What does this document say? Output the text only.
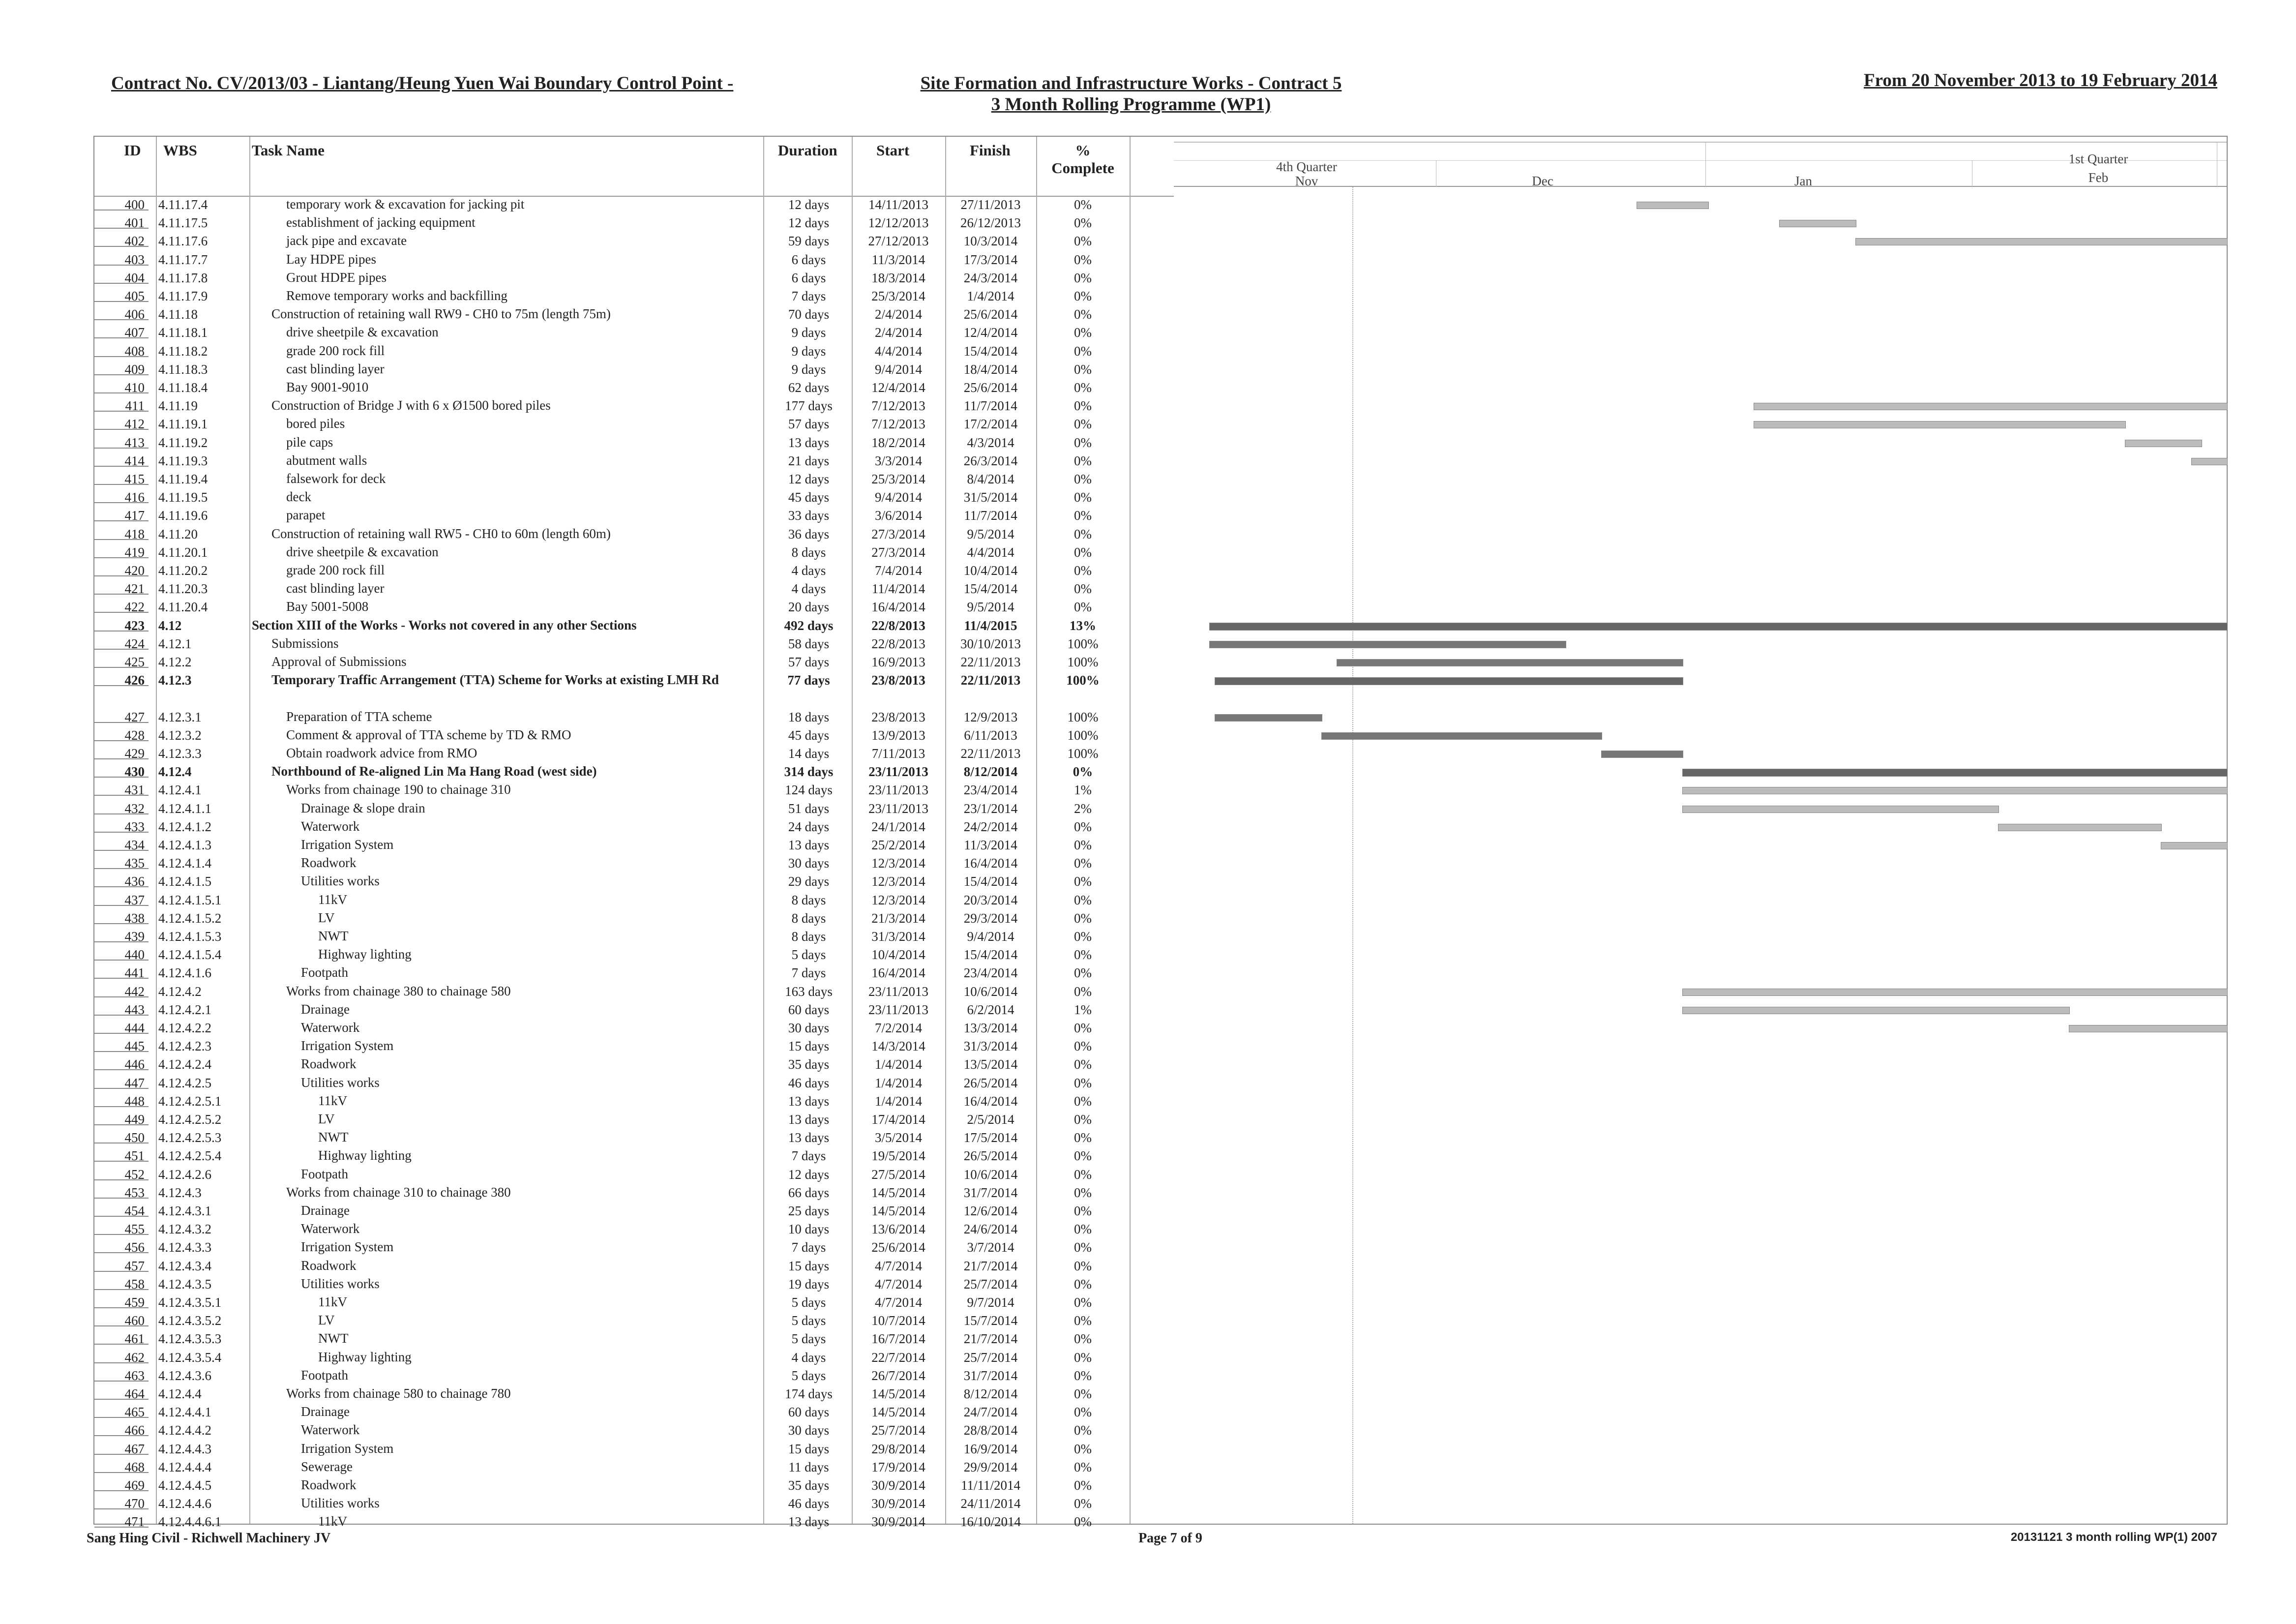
Contract No. CV/2013/03 - Liantang/Heung Yuen Wai Boundary Control Point -	Site Formation and Infrastructure Works - Contract 5
3 Month Rolling Programme (WP1)
From 20 November 2013 to 19 February 2014
ID WBS	Task Name	Duration	Start	Finish	%
Complete
400 4.11.17.4	temporary work & excavation for jacking pit	12 days	14/11/2013	27/11/2013	0%
401 4.11.17.5	establishment of jacking equipment	12 days	12/12/2013	26/12/2013	0%
402 4.11.17.6	jack pipe and excavate	59 days	27/12/2013	10/3/2014	0%
403 4.11.17.7	Lay HDPE pipes	6 days	11/3/2014	17/3/2014	0%
404 4.11.17.8	Grout HDPE pipes	6 days	18/3/2014	24/3/2014	0%
405 4.11.17.9	Remove temporary works and backfilling	7 days	25/3/2014	1/4/2014	0%
406 4.11.18	Construction of retaining wall RW9 - CH0 to 75m (length 75m)	70 days	2/4/2014	25/6/2014	0%
407 4.11.18.1	drive sheetpile & excavation	9 days	2/4/2014	12/4/2014	0%
408 4.11.18.2	grade 200 rock fill	9 days	4/4/2014	15/4/2014	0%
409 4.11.18.3	cast blinding layer	9 days	9/4/2014	18/4/2014	0%
410 4.11.18.4	Bay 9001-9010	62 days	12/4/2014	25/6/2014	0%
411 4.11.19	Construction of Bridge J with 6 x Ø1500 bored piles	177 days	7/12/2013	11/7/2014	0%
412 4.11.19.1	bored piles	57 days	7/12/2013	17/2/2014	0%
413 4.11.19.2	pile caps	13 days	18/2/2014	4/3/2014	0%
414 4.11.19.3	abutment walls	21 days	3/3/2014	26/3/2014	0%
415 4.11.19.4	falsework for deck	12 days	25/3/2014	8/4/2014	0%
416 4.11.19.5	deck	45 days	9/4/2014	31/5/2014	0%
417 4.11.19.6	parapet	33 days	3/6/2014	11/7/2014	0%
418 4.11.20	Construction of retaining wall RW5 - CH0 to 60m (length 60m)	36 days	27/3/2014	9/5/2014	0%
419 4.11.20.1	drive sheetpile & excavation	8 days	27/3/2014	4/4/2014	0%
420 4.11.20.2	grade 200 rock fill	4 days	7/4/2014	10/4/2014	0%
421 4.11.20.3	cast blinding layer	4 days	11/4/2014	15/4/2014	0%
422 4.11.20.4	Bay 5001-5008	20 days	16/4/2014	9/5/2014	0%
423 4.12	Section XIII of the Works - Works not covered in any other Sections	492 days	22/8/2013	11/4/2015	13%
424 4.12.1	Submissions	58 days	22/8/2013	30/10/2013	100%
425 4.12.2	Approval of Submissions	57 days	16/9/2013	22/11/2013	100%
426 4.12.3	Temporary Traffic Arrangement (TTA) Scheme for Works at existing LMH Rd	77 days	23/8/2013	22/11/2013	100%
427 4.12.3.1	Preparation of TTA scheme	18 days	23/8/2013	12/9/2013	100%
428 4.12.3.2	Comment & approval of TTA scheme by TD & RMO	45 days	13/9/2013	6/11/2013	100%
429 4.12.3.3	Obtain roadwork advice from RMO	14 days	7/11/2013	22/11/2013	100%
430 4.12.4	Northbound of Re-aligned Lin Ma Hang Road (west side)	314 days	23/11/2013	8/12/2014	0%
431 4.12.4.1	Works from chainage 190 to chainage 310	124 days	23/11/2013	23/4/2014	1%
432 4.12.4.1.1	Drainage & slope drain	51 days	23/11/2013	23/1/2014	2%
433 4.12.4.1.2	Waterwork	24 days	24/1/2014	24/2/2014	0%
434 4.12.4.1.3	Irrigation System	13 days	25/2/2014	11/3/2014	0%
435 4.12.4.1.4	Roadwork	30 days	12/3/2014	16/4/2014	0%
436 4.12.4.1.5	Utilities works	29 days	12/3/2014	15/4/2014	0%
437 4.12.4.1.5.1	11kV	8 days	12/3/2014	20/3/2014	0%
438 4.12.4.1.5.2	LV	8 days	21/3/2014	29/3/2014	0%
439 4.12.4.1.5.3	NWT	8 days	31/3/2014	9/4/2014	0%
440 4.12.4.1.5.4	Highway lighting	5 days	10/4/2014	15/4/2014	0%
441 4.12.4.1.6	Footpath	7 days	16/4/2014	23/4/2014	0%
442 4.12.4.2	Works from chainage 380 to chainage 580	163 days	23/11/2013	10/6/2014	0%
443 4.12.4.2.1	Drainage	60 days	23/11/2013	6/2/2014	1%
444 4.12.4.2.2	Waterwork	30 days	7/2/2014	13/3/2014	0%
445 4.12.4.2.3	Irrigation System	15 days	14/3/2014	31/3/2014	0%
446 4.12.4.2.4	Roadwork	35 days	1/4/2014	13/5/2014	0%
447 4.12.4.2.5	Utilities works	46 days	1/4/2014	26/5/2014	0%
448 4.12.4.2.5.1	11kV	13 days	1/4/2014	16/4/2014	0%
449 4.12.4.2.5.2	LV	13 days	17/4/2014	2/5/2014	0%
450 4.12.4.2.5.3	NWT	13 days	3/5/2014	17/5/2014	0%
451 4.12.4.2.5.4	Highway lighting	7 days	19/5/2014	26/5/2014	0%
452 4.12.4.2.6	Footpath	12 days	27/5/2014	10/6/2014	0%
453 4.12.4.3	Works from chainage 310 to chainage 380	66 days	14/5/2014	31/7/2014	0%
454 4.12.4.3.1	Drainage	25 days	14/5/2014	12/6/2014	0%
455 4.12.4.3.2	Waterwork	10 days	13/6/2014	24/6/2014	0%
456 4.12.4.3.3	Irrigation System	7 days	25/6/2014	3/7/2014	0%
457 4.12.4.3.4	Roadwork	15 days	4/7/2014	21/7/2014	0%
458 4.12.4.3.5	Utilities works	19 days	4/7/2014	25/7/2014	0%
459 4.12.4.3.5.1	11kV	5 days	4/7/2014	9/7/2014	0%
460 4.12.4.3.5.2	LV	5 days	10/7/2014	15/7/2014	0%
461 4.12.4.3.5.3	NWT	5 days	16/7/2014	21/7/2014	0%
462 4.12.4.3.5.4	Highway lighting	4 days	22/7/2014	25/7/2014	0%
463 4.12.4.3.6	Footpath	5 days	26/7/2014	31/7/2014	0%
464 4.12.4.4	Works from chainage 580 to chainage 780	174 days	14/5/2014	8/12/2014	0%
465 4.12.4.4.1	Drainage	60 days	14/5/2014	24/7/2014	0%
466 4.12.4.4.2	Waterwork	30 days	25/7/2014	28/8/2014	0%
467 4.12.4.4.3	Irrigation System	15 days	29/8/2014	16/9/2014	0%
468 4.12.4.4.4	Sewerage	11 days	17/9/2014	29/9/2014	0%
469 4.12.4.4.5	Roadwork	35 days	30/9/2014	11/11/2014	0%
470 4.12.4.4.6	Utilities works	46 days	30/9/2014	24/11/2014	0%
471 4.12.4.4.6.1	11kV	13 days	30/9/2014	16/10/2014	0%
4th Quarter
1st Quarter
Nov	Dec	Jan	Feb
Sang Hing Civil - Richwell Machinery JV	Page 7 of 9	20131121 3 month rolling WP(1) 2007
